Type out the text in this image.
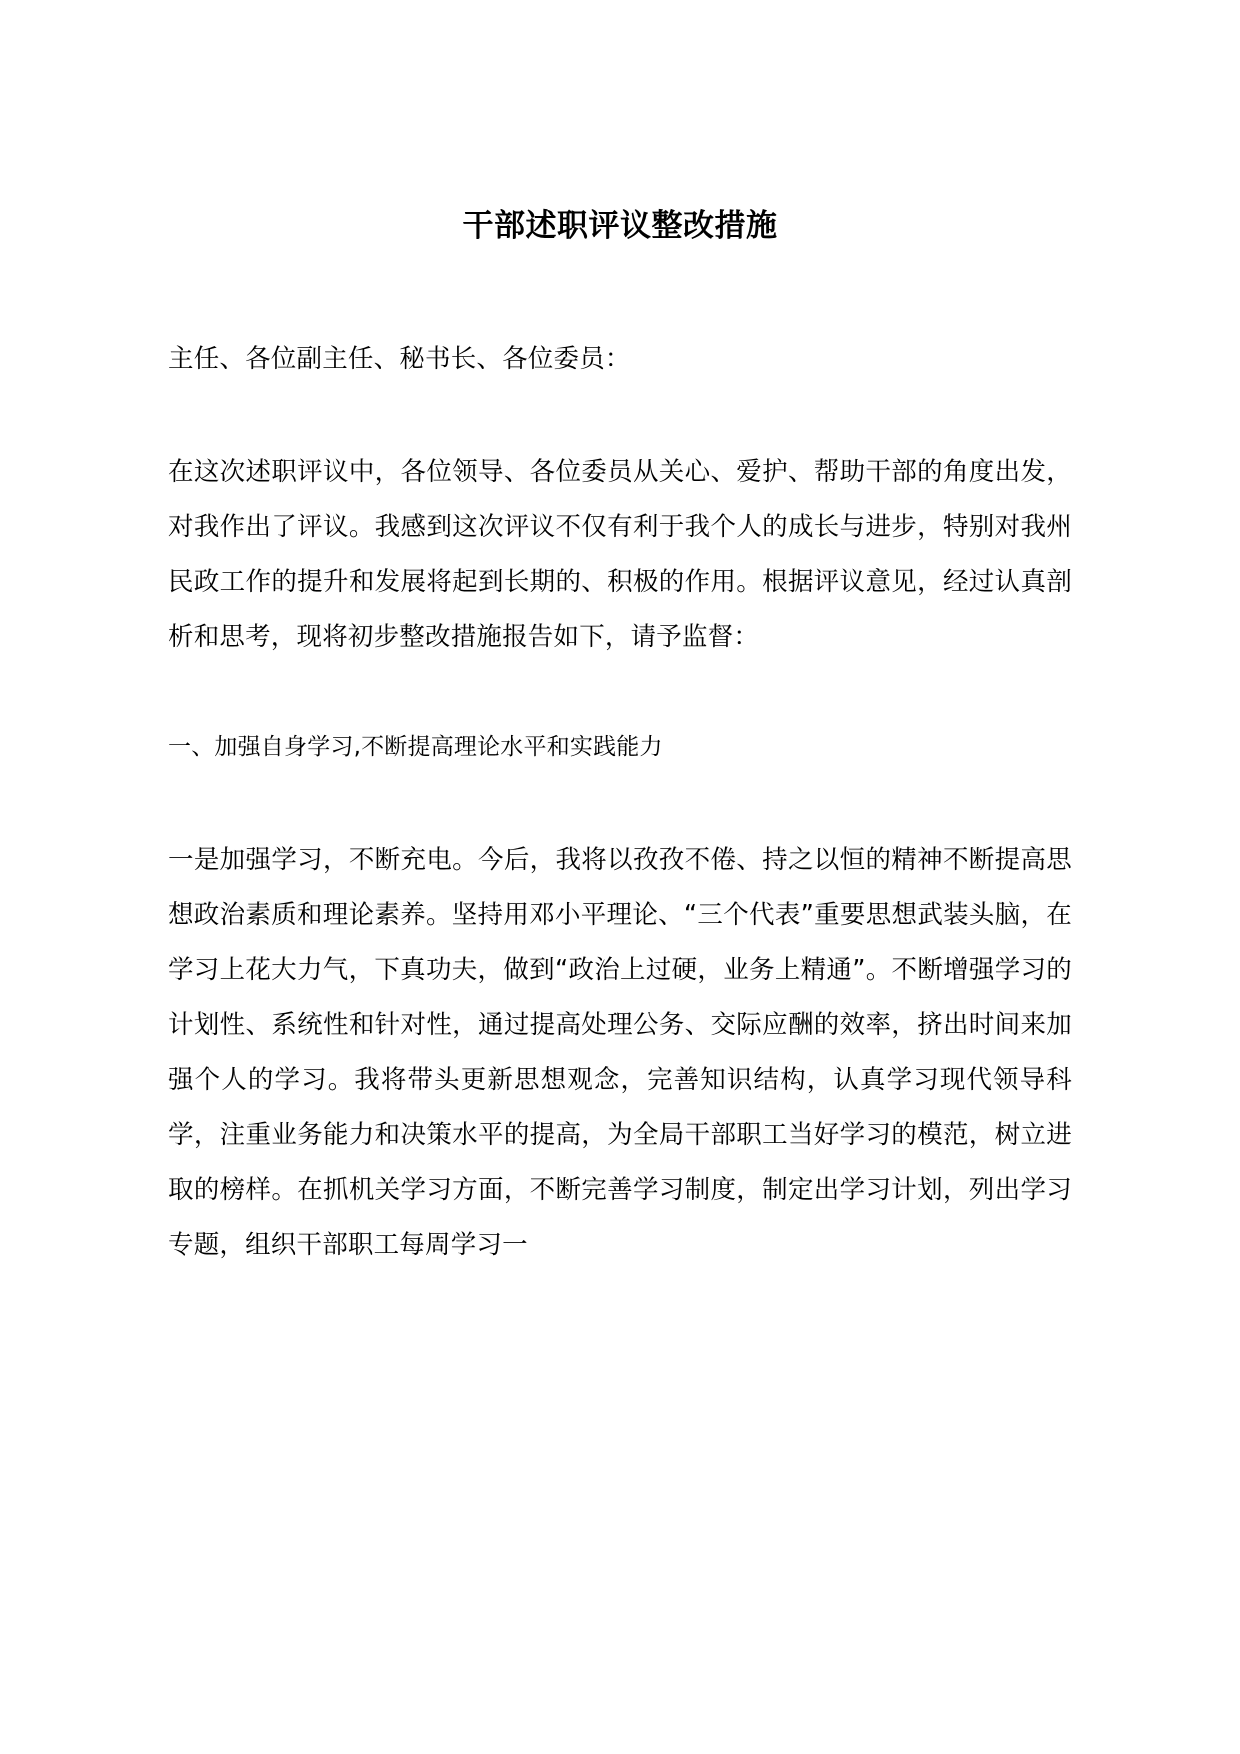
干部述职评议整改措施

主任、各位副主任、秘书长、各位委员：

在这次述职评议中，各位领导、各位委员从关心、爱护、帮助干部的角度出发，对我作出了评议。我感到这次评议不仅有利于我个人的成长与进步，特别对我州民政工作的提升和发展将起到长期的、积极的作用。根据评议意见，经过认真剖析和思考，现将初步整改措施报告如下，请予监督：

一、加强自身学习,不断提高理论水平和实践能力

一是加强学习，不断充电。今后，我将以孜孜不倦、持之以恒的精神不断提高思想政治素质和理论素养。坚持用邓小平理论、“三个代表”重要思想武装头脑，在学习上花大力气，下真功夫，做到“政治上过硬，业务上精通”。不断增强学习的计划性、系统性和针对性，通过提高处理公务、交际应酬的效率，挤出时间来加强个人的学习。我将带头更新思想观念，完善知识结构，认真学习现代领导科学，注重业务能力和决策水平的提高，为全局干部职工当好学习的模范，树立进取的榜样。在抓机关学习方面，不断完善学习制度，制定出学习计划，列出学习专题，组织干部职工每周学习一
